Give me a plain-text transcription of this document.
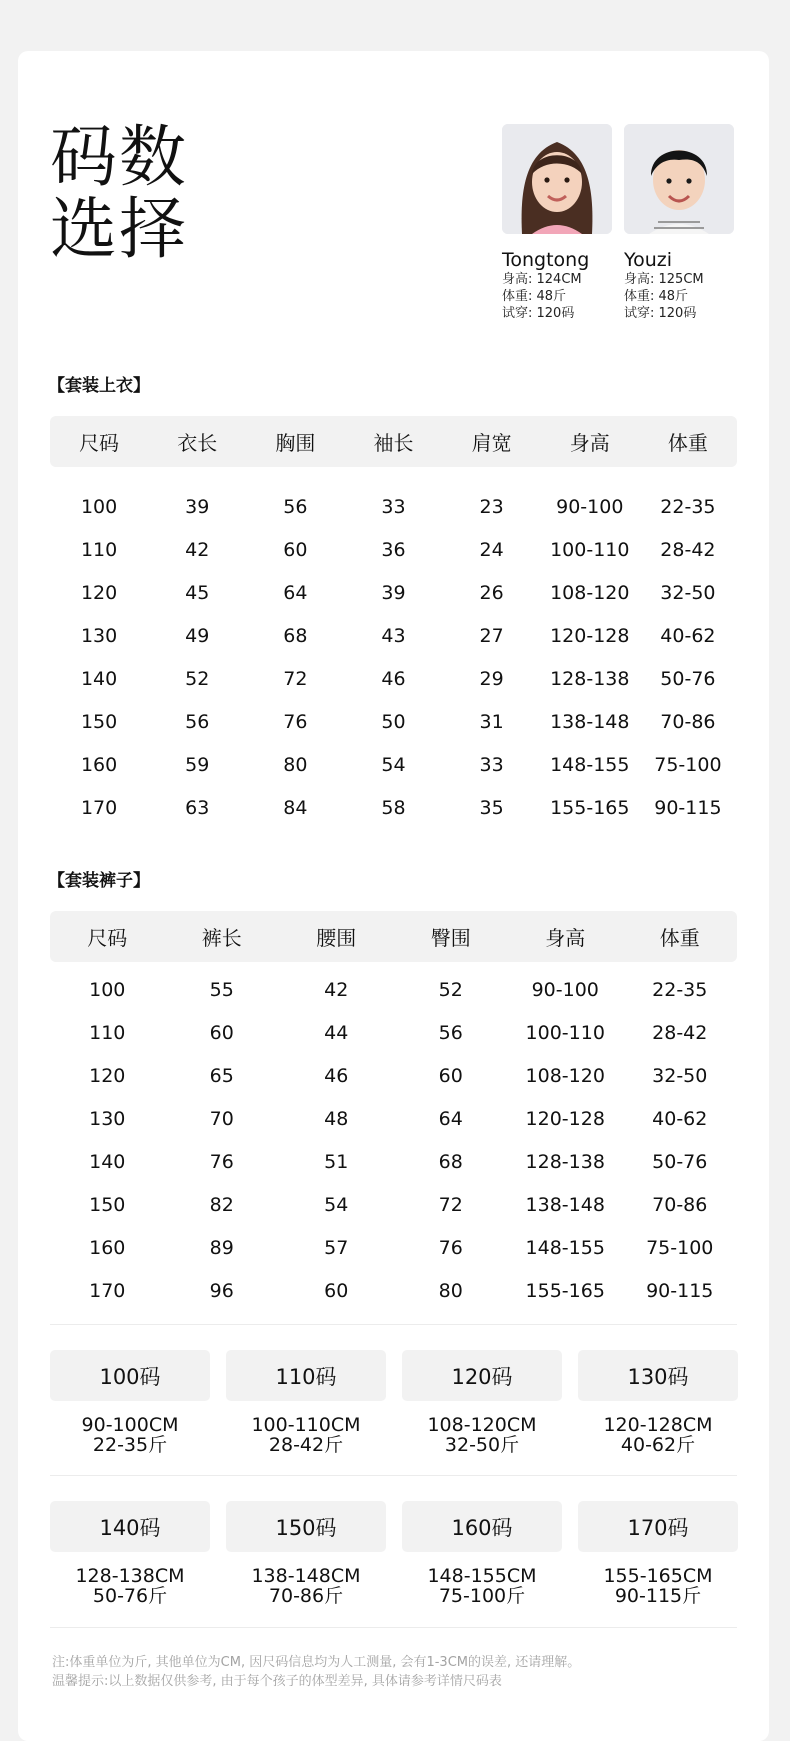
码数
选择	Tongtong
身高: 124CM
体重: 48斤
试穿: 120码
Youzi
身高: 125CM
体重: 48斤
试穿: 120码
【套装上衣】
尺码	衣长	胸围	袖长	肩宽	身高	体重
100	39	56	33	23	90-100	22-35
110	42	60	36	24	100-110	28-42
120	45	64	39	26	108-120	32-50
130	49	68	43	27	120-128	40-62
140	52	72	46	29	128-138	50-76
150	56	76	50	31	138-148	70-86
160	59	80	54	33	148-155	75-100
170	63	84	58	35	155-165	90-115
【套装裤子】
尺码	裤长	腰围	臀围	身高	体重
100	55	42	52	90-100	22-35
110	60	44	56	100-110	28-42
120	65	46	60	108-120	32-50
130	70	48	64	120-128	40-62
140	76	51	68	128-138	50-76
150	82	54	72	138-148	70-86
160	89	57	76	148-155	75-100
170	96	60	80	155-165	90-115
100码
90-100CM
22-35斤
110码
100-110CM
28-42斤
120码
108-120CM
32-50斤
130码
120-128CM
40-62斤
140码
128-138CM
50-76斤
150码
138-148CM
70-86斤
160码
148-155CM
75-100斤
170码
155-165CM
90-115斤
注:体重单位为斤, 其他单位为CM, 因尺码信息均为人工测量, 会有1-3CM的误差, 还请理解。
温馨提示:以上数据仅供参考, 由于每个孩子的体型差异, 具体请参考详情尺码表
